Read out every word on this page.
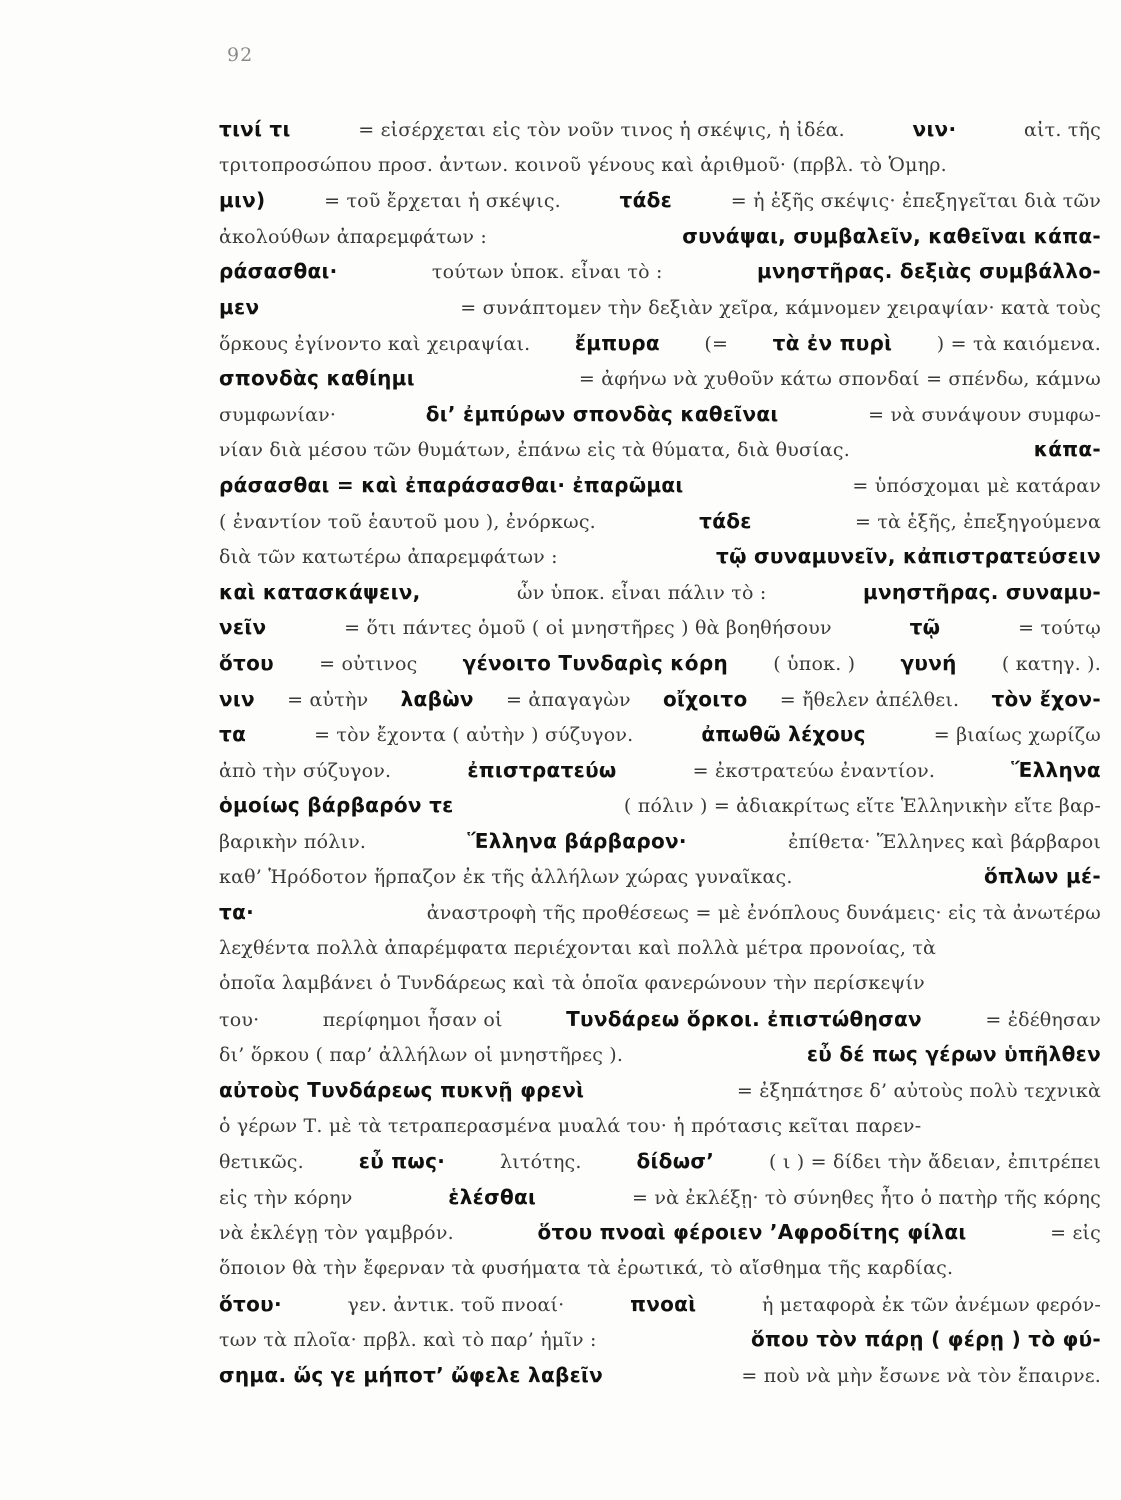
92
τινί τι	= εἰσέρχεται εἰς τὸν νοῦν τινος ἡ σκέψις, ἡ ἰδέα.	νιν·	αἰτ. τῆς
τριτοπροσώπου προσ. ἀντων. κοινοῦ γένους καὶ ἀριθμοῦ· (πρβλ. τὸ Ὁμηρ.
μιν)	= τοῦ ἔρχεται ἡ σκέψις.	τάδε	= ἡ ἑξῆς σκέψις· ἐπεξηγεῖται διὰ τῶν
ἀκολούθων ἀπαρεμφάτων :	συνάψαι, συμβαλεῖν, καθεῖναι κάπα-
ράσασθαι·	τούτων ὑποκ. εἶναι τὸ :	μνηστῆρας. δεξιὰς συμβάλλο-
μεν	= συνάπτομεν τὴν δεξιὰν χεῖρα, κάμνομεν χειραψίαν· κατὰ τοὺς
ὅρκους ἐγίνοντο καὶ χειραψίαι. ἔμπυρα (= τὰ ἐν πυρὶ ) = τὰ καιόμενα.
σπονδὰς καθίημι	= ἀφήνω νὰ χυθοῦν κάτω σπονδαί = σπένδω, κάμνω
συμφωνίαν·	δι’ ἐμπύρων σπονδὰς καθεῖναι	= νὰ συνάψουν συμφω-
νίαν διὰ μέσου τῶν θυμάτων, ἐπάνω εἰς τὰ θύματα, διὰ θυσίας.	κάπα-
ράσασθαι = καὶ ἐπαράσασθαι· ἐπαρῶμαι	= ὑπόσχομαι μὲ κατάραν
( ἐναντίον τοῦ ἑαυτοῦ μου ), ἐνόρκως.	τάδε	= τὰ ἑξῆς, ἐπεξηγούμενα
διὰ τῶν κατωτέρω ἀπαρεμφάτων :	τῷ συναμυνεῖν, κἀπιστρατεύσειν
καὶ κατασκάψειν,	ὧν ὑποκ. εἶναι πάλιν τὸ :	μνηστῆρας. συναμυ-
νεῖν	= ὅτι πάντες ὁμοῦ ( οἱ μνηστῆρες ) θὰ βοηθήσουν	τῷ	= τούτῳ
ὅτου = οὐτινος γένοιτο Τυνδαρὶς κόρη ( ὑποκ. ) γυνή ( κατηγ. ).
νιν = αὐτὴν λαβὼν = ἀπαγαγὼν οἴχοιτο = ἤθελεν ἀπέλθει. τὸν ἔχον-
τα	= τὸν ἔχοντα ( αὐτὴν ) σύζυγον.	ἀπωθῶ λέχους	= βιαίως χωρίζω
ἀπὸ τὴν σύζυγον.	ἐπιστρατεύω	= ἐκστρατεύω ἐναντίον.	Ἕλληνα
ὁμοίως βάρβαρόν τε	( πόλιν ) = ἀδιακρίτως εἴτε Ἑλληνικὴν εἴτε βαρ-
βαρικὴν πόλιν.	Ἕλληνα βάρβαρον·	ἐπίθετα· Ἕλληνες καὶ βάρβαροι
καθ’ Ἡρόδοτον ἥρπαζον ἐκ τῆς ἀλλήλων χώρας γυναῖκας.	ὅπλων μέ-
τα·	ἀναστροφὴ τῆς προθέσεως = μὲ ἐνόπλους δυνάμεις· εἰς τὰ ἀνωτέρω
λεχθέντα πολλὰ ἀπαρέμφατα περιέχονται καὶ πολλὰ μέτρα προνοίας, τὰ
ὁποῖα λαμβάνει ὁ Τυνδάρεως καὶ τὰ ὁποῖα φανερώνουν τὴν περίσκεψίν
του·	περίφημοι ἦσαν οἱ	Τυνδάρεω ὅρκοι. ἐπιστώθησαν	= ἐδέθησαν
δι’ ὅρκου ( παρ’ ἀλλήλων οἱ μνηστῆρες ).	εὖ δέ πως γέρων ὑπῆλθεν
αὐτοὺς Τυνδάρεως πυκνῇ φρενὶ	= ἐξηπάτησε δ’ αὐτοὺς πολὺ τεχνικὰ
ὁ γέρων Τ. μὲ τὰ τετραπερασμένα μυαλά του· ἡ πρότασις κεῖται παρεν-
θετικῶς.	εὖ πως·	λιτότης.	δίδωσ’	( ι ) = δίδει τὴν ἄδειαν, ἐπιτρέπει
εἰς τὴν κόρην	ἑλέσθαι	= νὰ ἐκλέξῃ· τὸ σύνηθες ἦτο ὁ πατὴρ τῆς κόρης
νὰ ἐκλέγῃ τὸν γαμβρόν.	ὅτου πνοαὶ φέροιεν ’Αφροδίτης φίλαι	= εἰς
ὅποιον θὰ τὴν ἔφερναν τὰ φυσήματα τὰ ἐρωτικά, τὸ αἴσθημα τῆς καρδίας.
ὅτου·	γεν. ἀντικ. τοῦ πνοαί·	πνοαὶ	ἡ μεταφορὰ ἐκ τῶν ἀνέμων φερόν-
των τὰ πλοῖα· πρβλ. καὶ τὸ παρ’ ἡμῖν :	ὅπου τὸν πάρῃ ( φέρῃ ) τὸ φύ-
σημα. ὥς γε μήποτ’ ὤφελε λαβεῖν	= ποὺ νὰ μὴν ἔσωνε νὰ τὸν ἔπαιρνε.
